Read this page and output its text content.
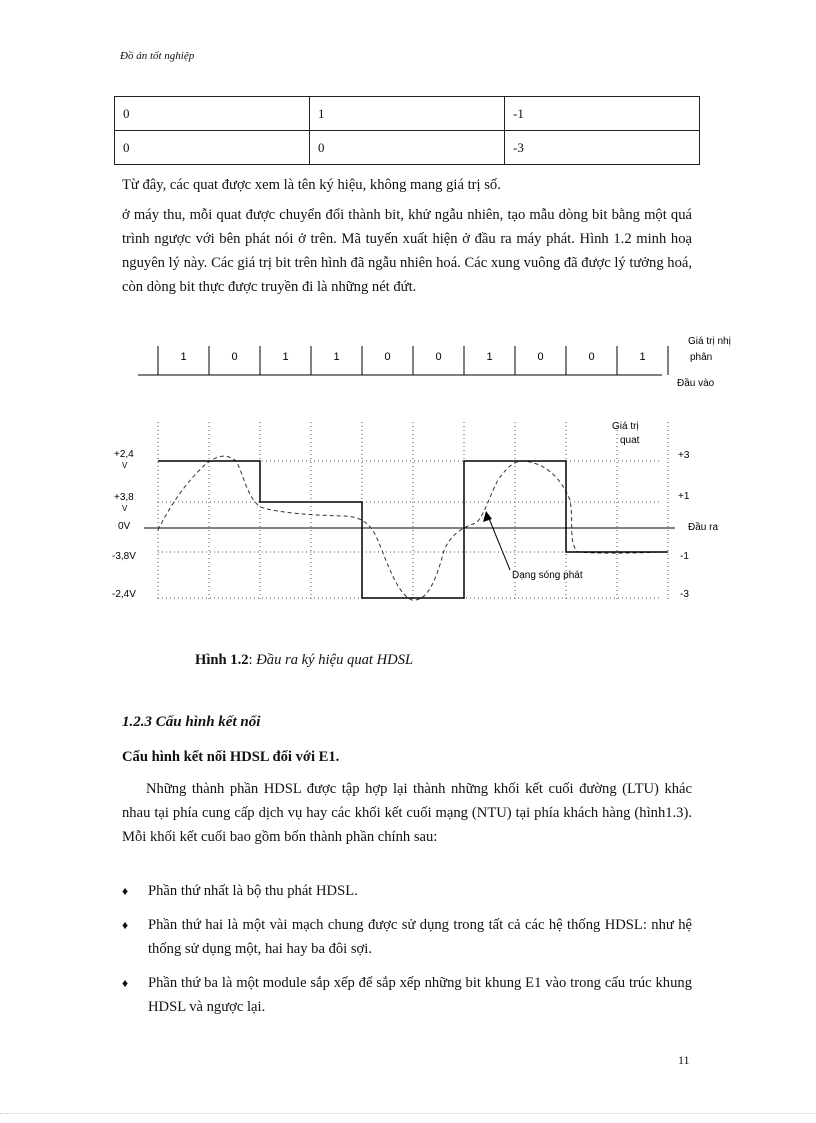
Đồ án tốt nghiệp
0	1	-1
0	0	-3
Từ đây, các quat được xem là tên ký hiệu, không mang giá trị số.
ở máy thu, mỗi quat được chuyển đổi thành bit, khử ngẫu nhiên, tạo mẫu dòng bit bằng một quá trình ngược với bên phát nói ở trên. Mã tuyến xuất hiện ở đầu ra máy phát. Hình 1.2 minh hoạ nguyên lý này. Các giá trị bit trên hình đã ngẫu nhiên hoá. Các xung vuông đã được lý tưởng hoá, còn dòng bit thực được truyền đi là những nét đứt.
1	0	1	1	0	0	1	0	0	1
Giá trị nhị
phân
Đầu vào
Giá trị
quat
+2,4
V
+3,8
V
0V
-3,8V
-2,4V
+3
+1
-1
-3
Đầu ra
Dạng sóng phát
Hình 1.2: Đầu ra ký hiệu quat HDSL
1.2.3 Cấu hình kết nối
Cấu hình kết nối HDSL đối với E1.
Những thành phần HDSL được tập hợp lại thành những khối kết cuối đường (LTU) khác nhau tại phía cung cấp dịch vụ hay các khối kết cuối mạng (NTU) tại phía khách hàng (hình1.3). Mỗi khối kết cuối bao gồm bốn thành phần chính sau:
♦ Phần thứ nhất là bộ thu phát HDSL.
♦ Phần thứ hai là một vài mạch chung được sử dụng trong tất cả các hệ thống HDSL: như hệ thống sử dụng một, hai hay ba đôi sợi.
♦ Phần thứ ba là một module sắp xếp để sắp xếp những bit khung E1 vào trong cấu trúc khung HDSL và ngược lại.
11
